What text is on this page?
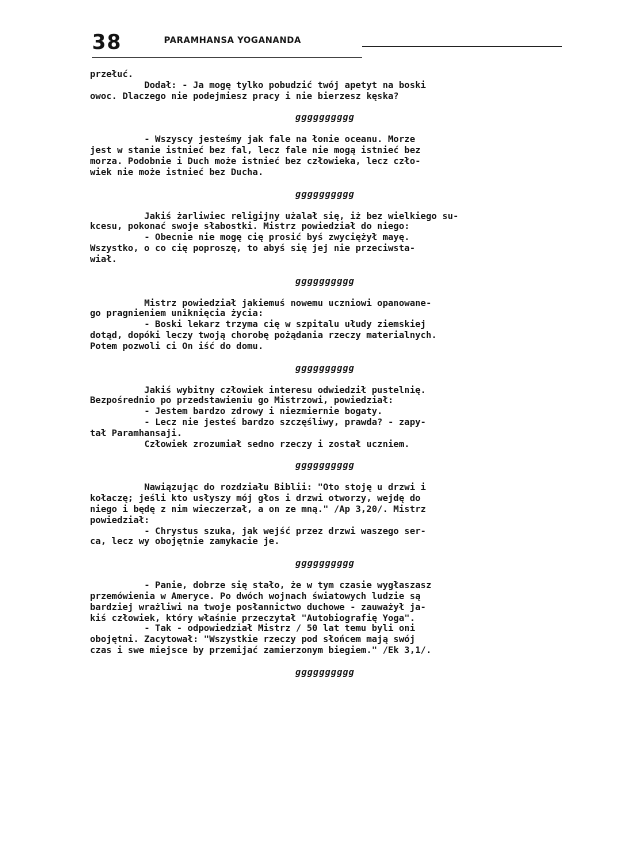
38	PARAMHANSA YOGANANDA

przełuć.

Dodał: - Ja mogę tylko pobudzić twój apetyt na boski
owoc. Dlaczego nie podejmiesz pracy i nie bierzesz kęska?

gggggggggg

- Wszyscy jesteśmy jak fale na łonie oceanu. Morze
jest w stanie istnieć bez fal, lecz fale nie mogą istnieć bez
morza. Podobnie i Duch może istnieć bez człowieka, lecz czło-
wiek nie może istnieć bez Ducha.

gggggggggg

Jakiś żarliwiec religijny użalał się, iż bez wielkiego su-
kcesu, pokonać swoje słabostki. Mistrz powiedział do niego:
- Obecnie nie mogę cię prosić byś zwyciężył mayę.
Wszystko, o co cię poproszę, to abyś się jej nie przeciwsta-
wiał.

gggggggggg

Mistrz powiedział jakiemuś nowemu uczniowi opanowane-
go pragnieniem uniknięcia życia:
- Boski lekarz trzyma cię w szpitalu ułudy ziemskiej
dotąd, dopóki leczy twoją chorobę pożądania rzeczy materialnych.
Potem pozwoli ci On iść do domu.

gggggggggg

Jakiś wybitny człowiek interesu odwiedził pustelnię.
Bezpośrednio po przedstawieniu go Mistrzowi, powiedział:
- Jestem bardzo zdrowy i niezmiernie bogaty.
- Lecz nie jesteś bardzo szczęśliwy, prawda? - zapy-
tał Paramhansaji.
Człowiek zrozumiał sedno rzeczy i został uczniem.

gggggggggg

Nawiązując do rozdziału Biblii: "Oto stoję u drzwi i
kołaczę; jeśli kto usłyszy mój głos i drzwi otworzy, wejdę do
niego i będę z nim wieczerzał, a on ze mną." /Ap 3,20/. Mistrz
powiedział:
- Chrystus szuka, jak wejść przez drzwi waszego ser-
ca, lecz wy obojętnie zamykacie je.

gggggggggg

- Panie, dobrze się stało, że w tym czasie wygłaszasz
przemówienia w Ameryce. Po dwóch wojnach światowych ludzie są
bardziej wrażliwi na twoje posłannictwo duchowe - zauważył ja-
kiś człowiek, który właśnie przeczytał "Autobiografię Yoga".
- Tak - odpowiedział Mistrz / 50 lat temu byli oni
obojętni. Zacytował: "Wszystkie rzeczy pod słońcem mają swój
czas i swe miejsce by przemijać zamierzonym biegiem." /Ek 3,1/.

gggggggggg
